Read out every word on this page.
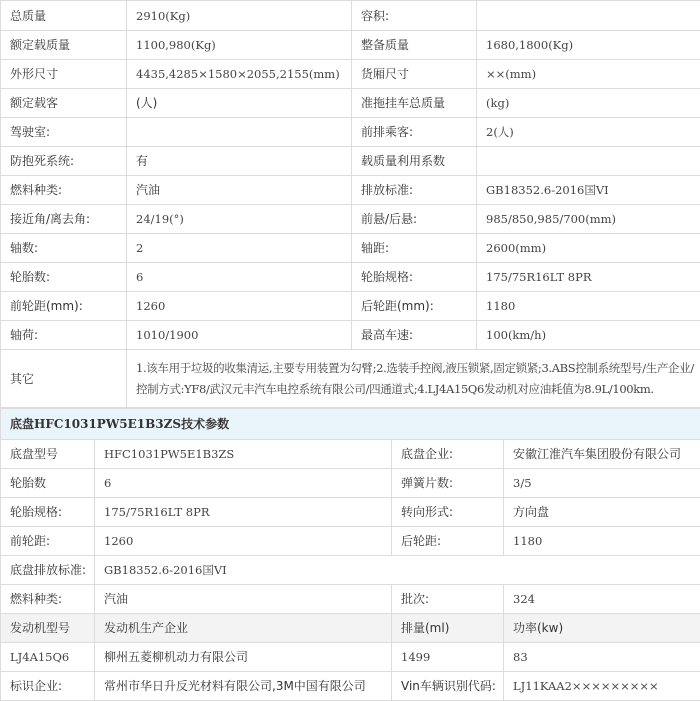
总质量	2910(Kg)	容积:	
额定载质量	1100,980(Kg)	整备质量	1680,1800(Kg)
外形尺寸	4435,4285×1580×2055,2155(mm)	货厢尺寸	××(mm)
额定载客	(人)	准拖挂车总质量	(kg)
驾驶室:		前排乘客:	2(人)
防抱死系统:	有	载质量利用系数	
燃料种类:	汽油	排放标准:	GB18352.6-2016国VI
接近角/离去角:	24/19(°)	前悬/后悬:	985/850,985/700(mm)
轴数:	2	轴距:	2600(mm)
轮胎数:	6	轮胎规格:	175/75R16LT 8PR
前轮距(mm):	1260	后轮距(mm):	1180
轴荷:	1010/1900	最高车速:	100(km/h)
其它	1.该车用于垃圾的收集清运,主要专用装置为勾臂;2.选装手控阀,液压锁紧,固定锁紧;3.ABS控制系统型号/生产企业/控制方式:YF8/武汉元丰汽车电控系统有限公司/四通道式;4.LJ4A15Q6发动机对应油耗值为8.9L/100km.		
底盘HFC1031PW5E1B3ZS技术参数			
底盘型号	HFC1031PW5E1B3ZS	底盘企业:	安徽江淮汽车集团股份有限公司
轮胎数	6	弹簧片数:	3/5
轮胎规格:	175/75R16LT 8PR	转向形式:	方向盘
前轮距:	1260	后轮距:	1180
底盘排放标准:	GB18352.6-2016国VI		
燃料种类:	汽油	批次:	324
发动机型号	发动机生产企业	排量(ml)	功率(kw)
LJ4A15Q6	柳州五菱柳机动力有限公司	1499	83
标识企业:	常州市华日升反光材料有限公司,3M中国有限公司	Vin车辆识别代码:	LJ11KAA2×××××××××
